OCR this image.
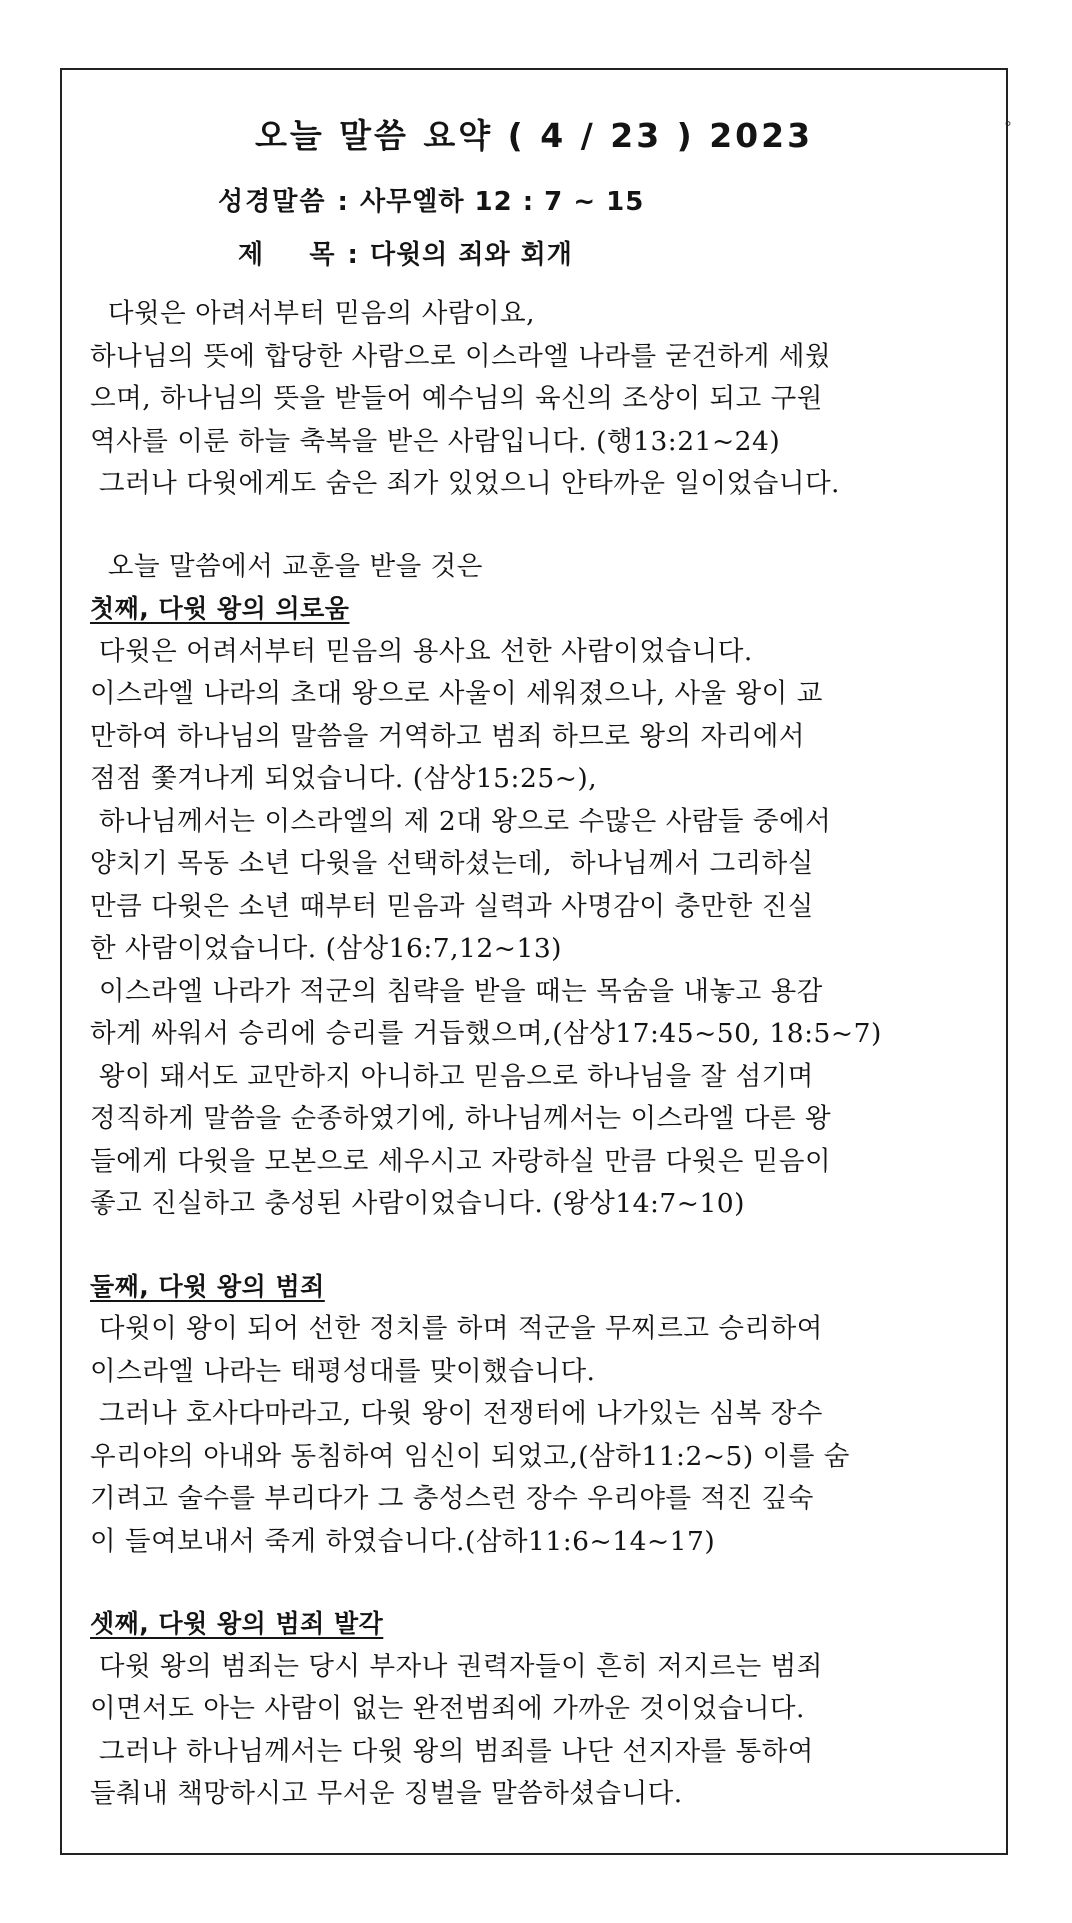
°
오늘 말씀 요약 ( 4 / 23 ) 2023
성경말씀 : 사무엘하 12 : 7 ~ 15
제    목 : 다윗의 죄와 회개
다윗은 아려서부터 믿음의 사람이요,
하나님의 뜻에 합당한 사람으로 이스라엘 나라를 굳건하게 세웠
으며, 하나님의 뜻을 받들어 예수님의 육신의 조상이 되고 구원
역사를 이룬 하늘 축복을 받은 사람입니다. (행13:21~24)
그러나 다윗에게도 숨은 죄가 있었으니 안타까운 일이었습니다.
오늘 말씀에서 교훈을 받을 것은
첫째, 다윗 왕의 의로움
다윗은 어려서부터 믿음의 용사요 선한 사람이었습니다.
이스라엘 나라의 초대 왕으로 사울이 세워졌으나, 사울 왕이 교
만하여 하나님의 말씀을 거역하고 범죄 하므로 왕의 자리에서
점점 쫓겨나게 되었습니다. (삼상15:25~),
하나님께서는 이스라엘의 제 2대 왕으로 수많은 사람들 중에서
양치기 목동 소년 다윗을 선택하셨는데,  하나님께서 그리하실
만큼 다윗은 소년 때부터 믿음과 실력과 사명감이 충만한 진실
한 사람이었습니다. (삼상16:7,12~13)
이스라엘 나라가 적군의 침략을 받을 때는 목숨을 내놓고 용감
하게 싸워서 승리에 승리를 거듭했으며,(삼상17:45~50, 18:5~7)
왕이 돼서도 교만하지 아니하고 믿음으로 하나님을 잘 섬기며
정직하게 말씀을 순종하였기에, 하나님께서는 이스라엘 다른 왕
들에게 다윗을 모본으로 세우시고 자랑하실 만큼 다윗은 믿음이
좋고 진실하고 충성된 사람이었습니다. (왕상14:7~10)
둘째, 다윗 왕의 범죄
다윗이 왕이 되어 선한 정치를 하며 적군을 무찌르고 승리하여
이스라엘 나라는 태평성대를 맞이했습니다.
그러나 호사다마라고, 다윗 왕이 전쟁터에 나가있는 심복 장수
우리야의 아내와 동침하여 임신이 되었고,(삼하11:2~5) 이를 숨
기려고 술수를 부리다가 그 충성스런 장수 우리야를 적진 깊숙
이 들여보내서 죽게 하였습니다.(삼하11:6~14~17)
셋째, 다윗 왕의 범죄 발각
다윗 왕의 범죄는 당시 부자나 권력자들이 흔히 저지르는 범죄
이면서도 아는 사람이 없는 완전범죄에 가까운 것이었습니다.
그러나 하나님께서는 다윗 왕의 범죄를 나단 선지자를 통하여
들춰내 책망하시고 무서운 징벌을 말씀하셨습니다.
